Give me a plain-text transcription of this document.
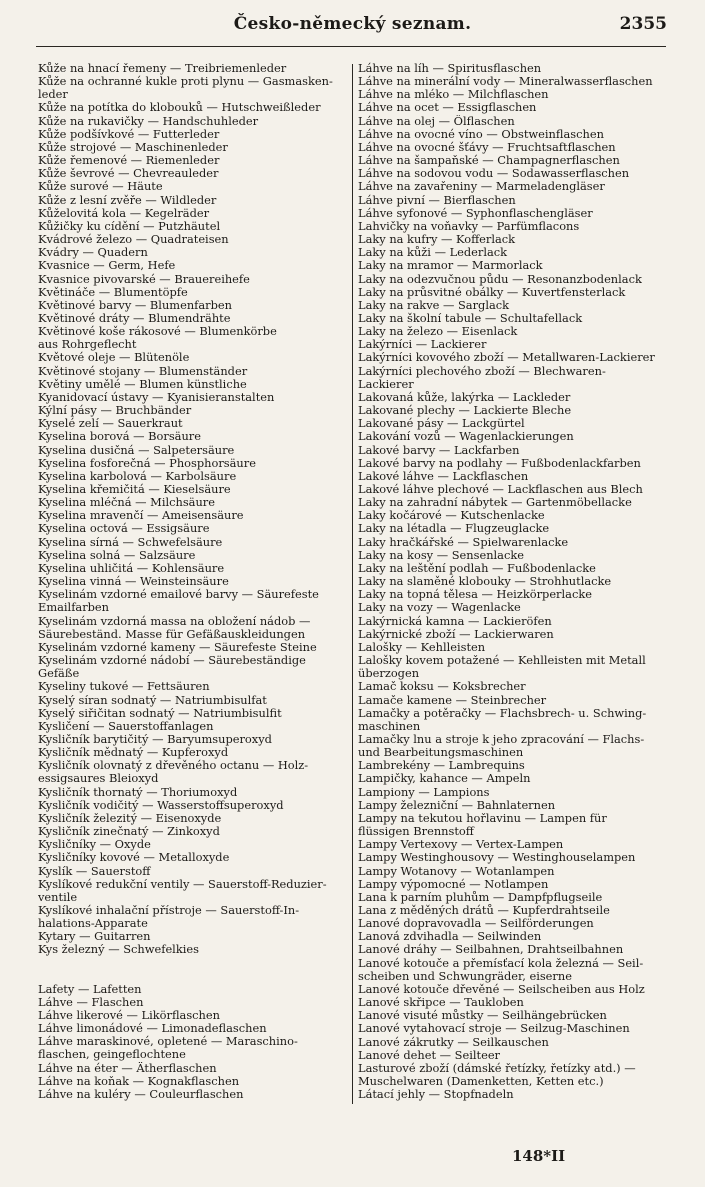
Česko-německý seznam.	2355
Kůže na hnací řemeny — Treibriemenleder
Kůže na ochranné kukle proti plynu — Gasmasken-
leder
Kůže na potítka do klobouků — Hutschweißleder
Kůže na rukavičky — Handschuhleder
Kůže podšívkové — Futterleder
Kůže strojové — Maschinenleder
Kůže řemenové — Riemenleder
Kůže ševrové — Chevreauleder
Kůže surové — Häute
Kůže z lesní zvěře — Wildleder
Kůželovitá kola — Kegelräder
Kůžičky ku cídění — Putzhäutel
Kvádrové železo — Quadrateisen
Kvádry — Quadern
Kvasnice — Germ, Hefe
Kvasnice pivovarské — Brauereihefe
Květináče — Blumentöpfe
Květinové barvy — Blumenfarben
Květinové dráty — Blumendrähte
Květinové koše rákosové — Blumenkörbe
aus Rohrgeflecht
Květové oleje — Blütenöle
Květinové stojany — Blumenständer
Květiny umělé — Blumen künstliche
Kyanidovací ústavy — Kyanisieranstalten
Kýlní pásy — Bruchbänder
Kyselé zelí — Sauerkraut
Kyselina borová — Borsäure
Kyselina dusičná — Salpetersäure
Kyselina fosforečná — Phosphorsäure
Kyselina karbolová — Karbolsäure
Kyselina křemičitá — Kieselsäure
Kyselina mléčná — Milchsäure
Kyselina mravenčí — Ameisensäure
Kyselina octová — Essigsäure
Kyselina sírná — Schwefelsäure
Kyselina solná — Salzsäure
Kyselina uhličitá — Kohlensäure
Kyselina vinná — Weinsteinsäure
Kyselinám vzdorné emailové barvy — Säurefeste
Emailfarben
Kyselinám vzdorná massa na obložení nádob —
Säurebeständ. Masse für Gefäßauskleidungen
Kyselinám vzdorné kameny — Säurefeste Steine
Kyselinám vzdorné nádobí — Säurebeständige
Gefäße
Kyseliny tukové — Fettsäuren
Kyselý síran sodnatý — Natriumbisulfat
Kyselý siřičitan sodnatý — Natriumbisulfit
Kysličení — Sauerstoffanlagen
Kysličník barytičitý — Baryumsuperoxyd
Kysličník mědnatý — Kupferoxyd
Kysličník olovnatý z dřevěného octanu — Holz-
essigsaures Bleioxyd
Kysličník thornatý — Thoriumoxyd
Kysličník vodičitý — Wasserstoffsuperoxyd
Kysličník železitý — Eisenoxyde
Kysličník zinečnatý — Zinkoxyd
Kysličníky — Oxyde
Kysličníky kovové — Metalloxyde
Kyslík — Sauerstoff
Kyslíkové redukční ventily — Sauerstoff-Reduzier-
ventile
Kyslíkové inhalační přístroje — Sauerstoff-In-
halations-Apparate
Kytary — Guitarren
Kys železný — Schwefelkies
Lafety — Lafetten
Láhve — Flaschen
Láhve likerové — Likörflaschen
Láhve limonádové — Limonadeflaschen
Láhve maraskinové, opletené — Maraschino-
flaschen, geingeflochtene
Láhve na éter — Ätherflaschen
Láhve na koňak — Kognakflaschen
Láhve na kuléry — Couleurflaschen
Láhve na líh — Spiritusflaschen
Láhve na minerální vody — Mineralwasserflaschen
Láhve na mléko — Milchflaschen
Láhve na ocet — Essigflaschen
Láhve na olej — Ölflaschen
Láhve na ovocné víno — Obstweinflaschen
Láhve na ovocné šťávy — Fruchtsaftflaschen
Láhve na šampaňské — Champagnerflaschen
Láhve na sodovou vodu — Sodawasserflaschen
Láhve na zavařeniny — Marmeladengläser
Láhve pivní — Bierflaschen
Láhve syfonové — Syphonflaschengläser
Lahvičky na voňavky — Parfümflacons
Laky na kufry — Kofferlack
Laky na kůži — Lederlack
Laky na mramor — Marmorlack
Laky na odezvučnou půdu — Resonanzbodenlack
Laky na průsvitné obálky — Kuvertfensterlack
Laky na rakve — Sarglack
Laky na školní tabule — Schultafellack
Laky na železo — Eisenlack
Lakýrníci — Lackierer
Lakýrníci kovového zboží — Metallwaren-Lackierer
Lakýrníci plechového zboží — Blechwaren-
Lackierer
Lakovaná kůže, lakýrka — Lackleder
Lakované plechy — Lackierte Bleche
Lakované pásy — Lackgürtel
Lakování vozů — Wagenlackierungen
Lakové barvy — Lackfarben
Lakové barvy na podlahy — Fußbodenlackfarben
Lakové láhve — Lackflaschen
Lakové láhve plechové — Lackflaschen aus Blech
Laky na zahradní nábytek — Gartenmöbellacke
Laky kočárové — Kutschenlacke
Laky na létadla — Flugzeuglacke
Laky hračkářské — Spielwarenlacke
Laky na kosy — Sensenlacke
Laky na leštění podlah — Fußbodenlacke
Laky na slaměné klobouky — Strohhutlacke
Laky na topná tělesa — Heizkörperlacke
Laky na vozy — Wagenlacke
Lakýrnická kamna — Lackieröfen
Lakýrnické zboží — Lackierwaren
Lalošky — Kehlleisten
Lalošky kovem potažené — Kehlleisten mit Metall
überzogen
Lamač koksu — Koksbrecher
Lamače kamene — Steinbrecher
Lamačky a potěračky — Flachsbrech- u. Schwing-
maschinen
Lamačky lnu a stroje k jeho zpracování — Flachs-
und Bearbeitungsmaschinen
Lambrekény — Lambrequins
Lampičky, kahance — Ampeln
Lampiony — Lampions
Lampy železniční — Bahnlaternen
Lampy na tekutou hořlavinu — Lampen für
flüssigen Brennstoff
Lampy Vertexovy — Vertex-Lampen
Lampy Westinghousovy — Westinghouselampen
Lampy Wotanovy — Wotanlampen
Lampy výpomocné — Notlampen
Lana k parním pluhům — Dampfpflugseile
Lana z měděných drátů — Kupferdrahtseile
Lanové dopravovadla — Seilförderungen
Lanová zdvihadla — Seilwinden
Lanové dráhy — Seilbahnen, Drahtseilbahnen
Lanové kotouče a přemísťací kola železná — Seil-
scheiben und Schwungräder, eiserne
Lanové kotouče dřevěné — Seilscheiben aus Holz
Lanové skřipce — Taukloben
Lanové visuté můstky — Seilhängebrücken
Lanové vytahovací stroje — Seilzug-Maschinen
Lanové zákrutky — Seilkauschen
Lanové dehet — Seilteer
Lasturové zboží (dámské řetízky, řetízky atd.) —
Muschelwaren (Damenketten, Ketten etc.)
Látací jehly — Stopfnadeln
148*II
